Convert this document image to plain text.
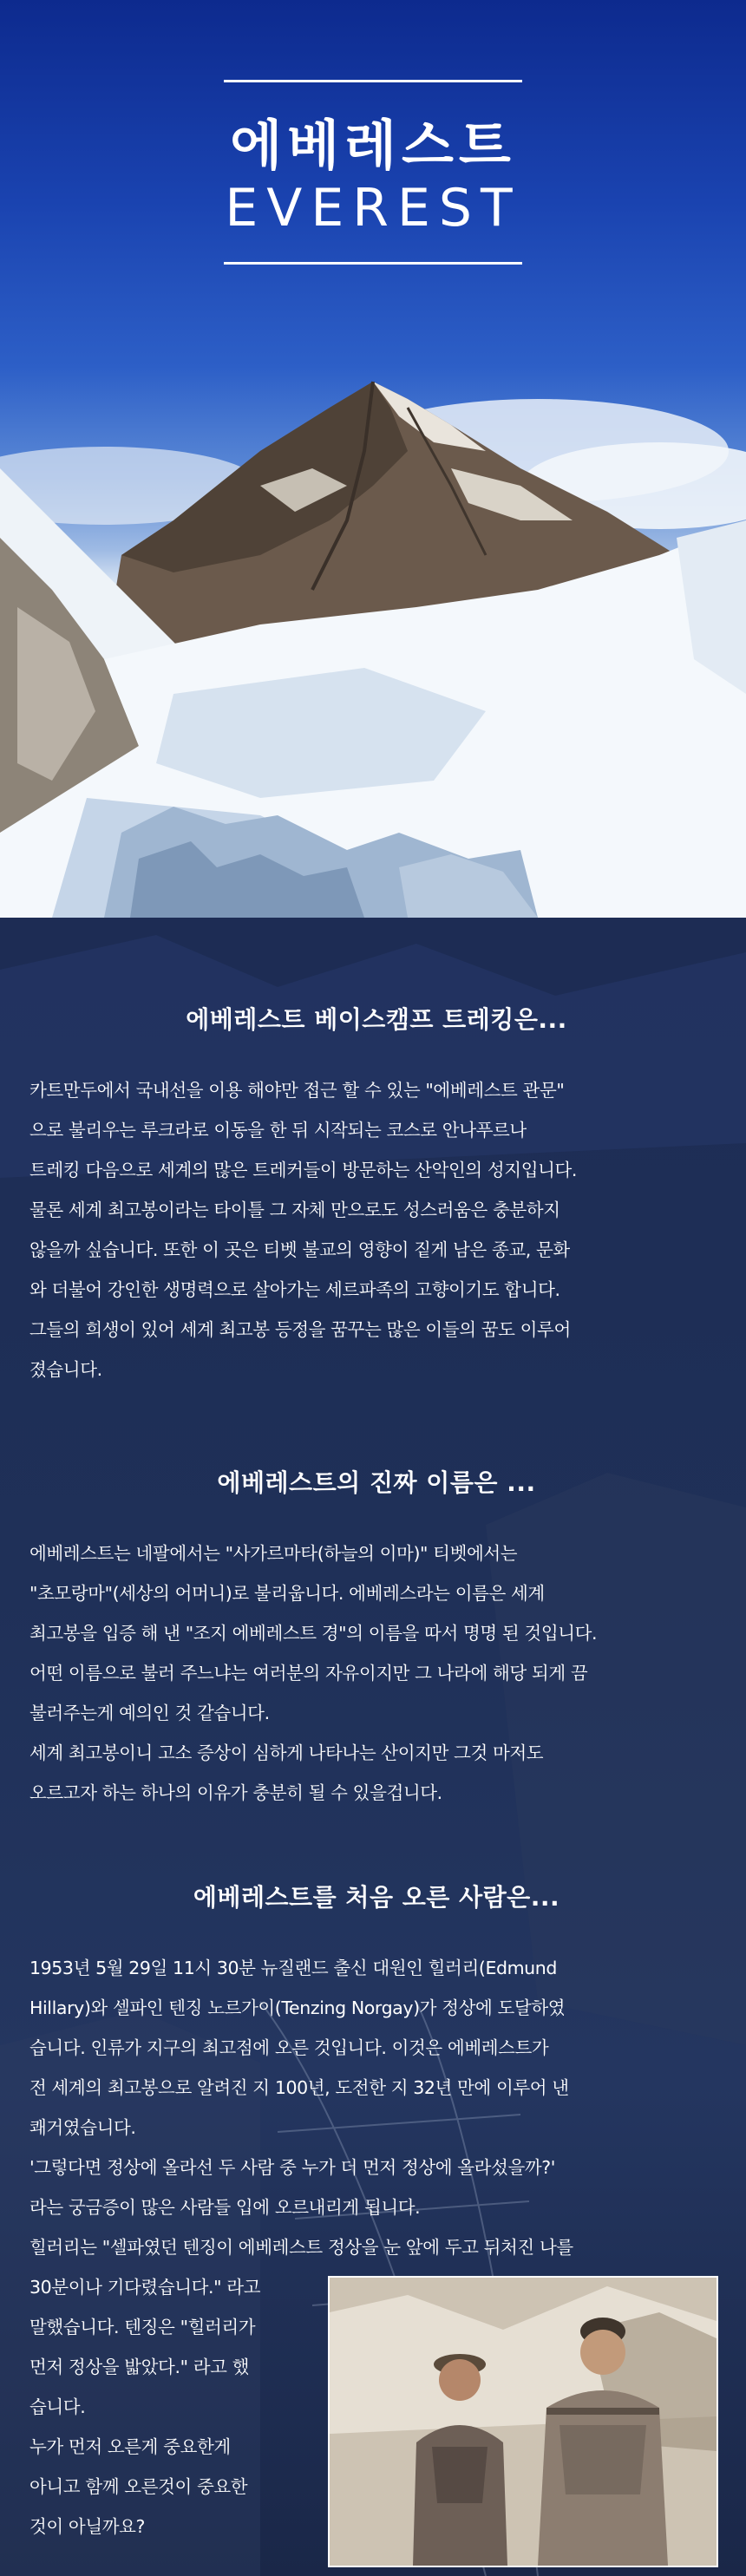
에베레스트
EVEREST
에베레스트 베이스캠프 트레킹은...

카트만두에서 국내선을 이용 해야만 접근 할 수 있는 "에베레스트 관문"

으로 불리우는 루크라로 이동을 한 뒤 시작되는 코스로 안나푸르나

트레킹 다음으로 세계의 많은 트레커들이 방문하는 산악인의 성지입니다.

물론 세계 최고봉이라는 타이틀 그 자체 만으로도 성스러움은 충분하지

않을까 싶습니다. 또한 이 곳은 티벳 불교의 영향이 짙게 남은 종교, 문화

와 더불어 강인한 생명력으로 살아가는 세르파족의 고향이기도 합니다.

그들의 희생이 있어 세계 최고봉 등정을 꿈꾸는 많은 이들의 꿈도 이루어

졌습니다.

에베레스트의 진짜 이름은 ...

에베레스트는 네팔에서는 "사가르마타(하늘의 이마)" 티벳에서는

"초모랑마"(세상의 어머니)로 불리웁니다. 에베레스라는 이름은 세계

최고봉을 입증 해 낸 "조지 에베레스트 경"의 이름을 따서 명명 된 것입니다.

어떤 이름으로 불러 주느냐는 여러분의 자유이지만 그 나라에 해당 되게 끔

불러주는게 예의인 것 같습니다.

세계 최고봉이니 고소 증상이 심하게 나타나는 산이지만 그것 마저도

오르고자 하는 하나의 이유가 충분히 될 수 있을겁니다.

에베레스트를 처음 오른 사람은...

1953년 5월 29일 11시 30분 뉴질랜드 출신 대원인 힐러리(Edmund

Hillary)와 셀파인 텐징 노르가이(Tenzing Norgay)가 정상에 도달하였

습니다. 인류가 지구의 최고점에 오른 것입니다. 이것은 에베레스트가

전 세계의 최고봉으로 알려진 지 100년, 도전한 지 32년 만에 이루어 낸

쾌거였습니다.

'그렇다면 정상에 올라선 두 사람 중 누가 더 먼저 정상에 올라섰을까?'

라는 궁금증이 많은 사람들 입에 오르내리게 됩니다.

힐러리는 "셀파였던 텐징이 에베레스트 정상을 눈 앞에 두고 뒤처진 나를

30분이나 기다렸습니다." 라고

말했습니다. 텐징은 "힐러리가

먼저 정상을 밟았다." 라고 했

습니다.

누가 먼저 오른게 중요한게

아니고 함께 오른것이 중요한

것이 아닐까요?
